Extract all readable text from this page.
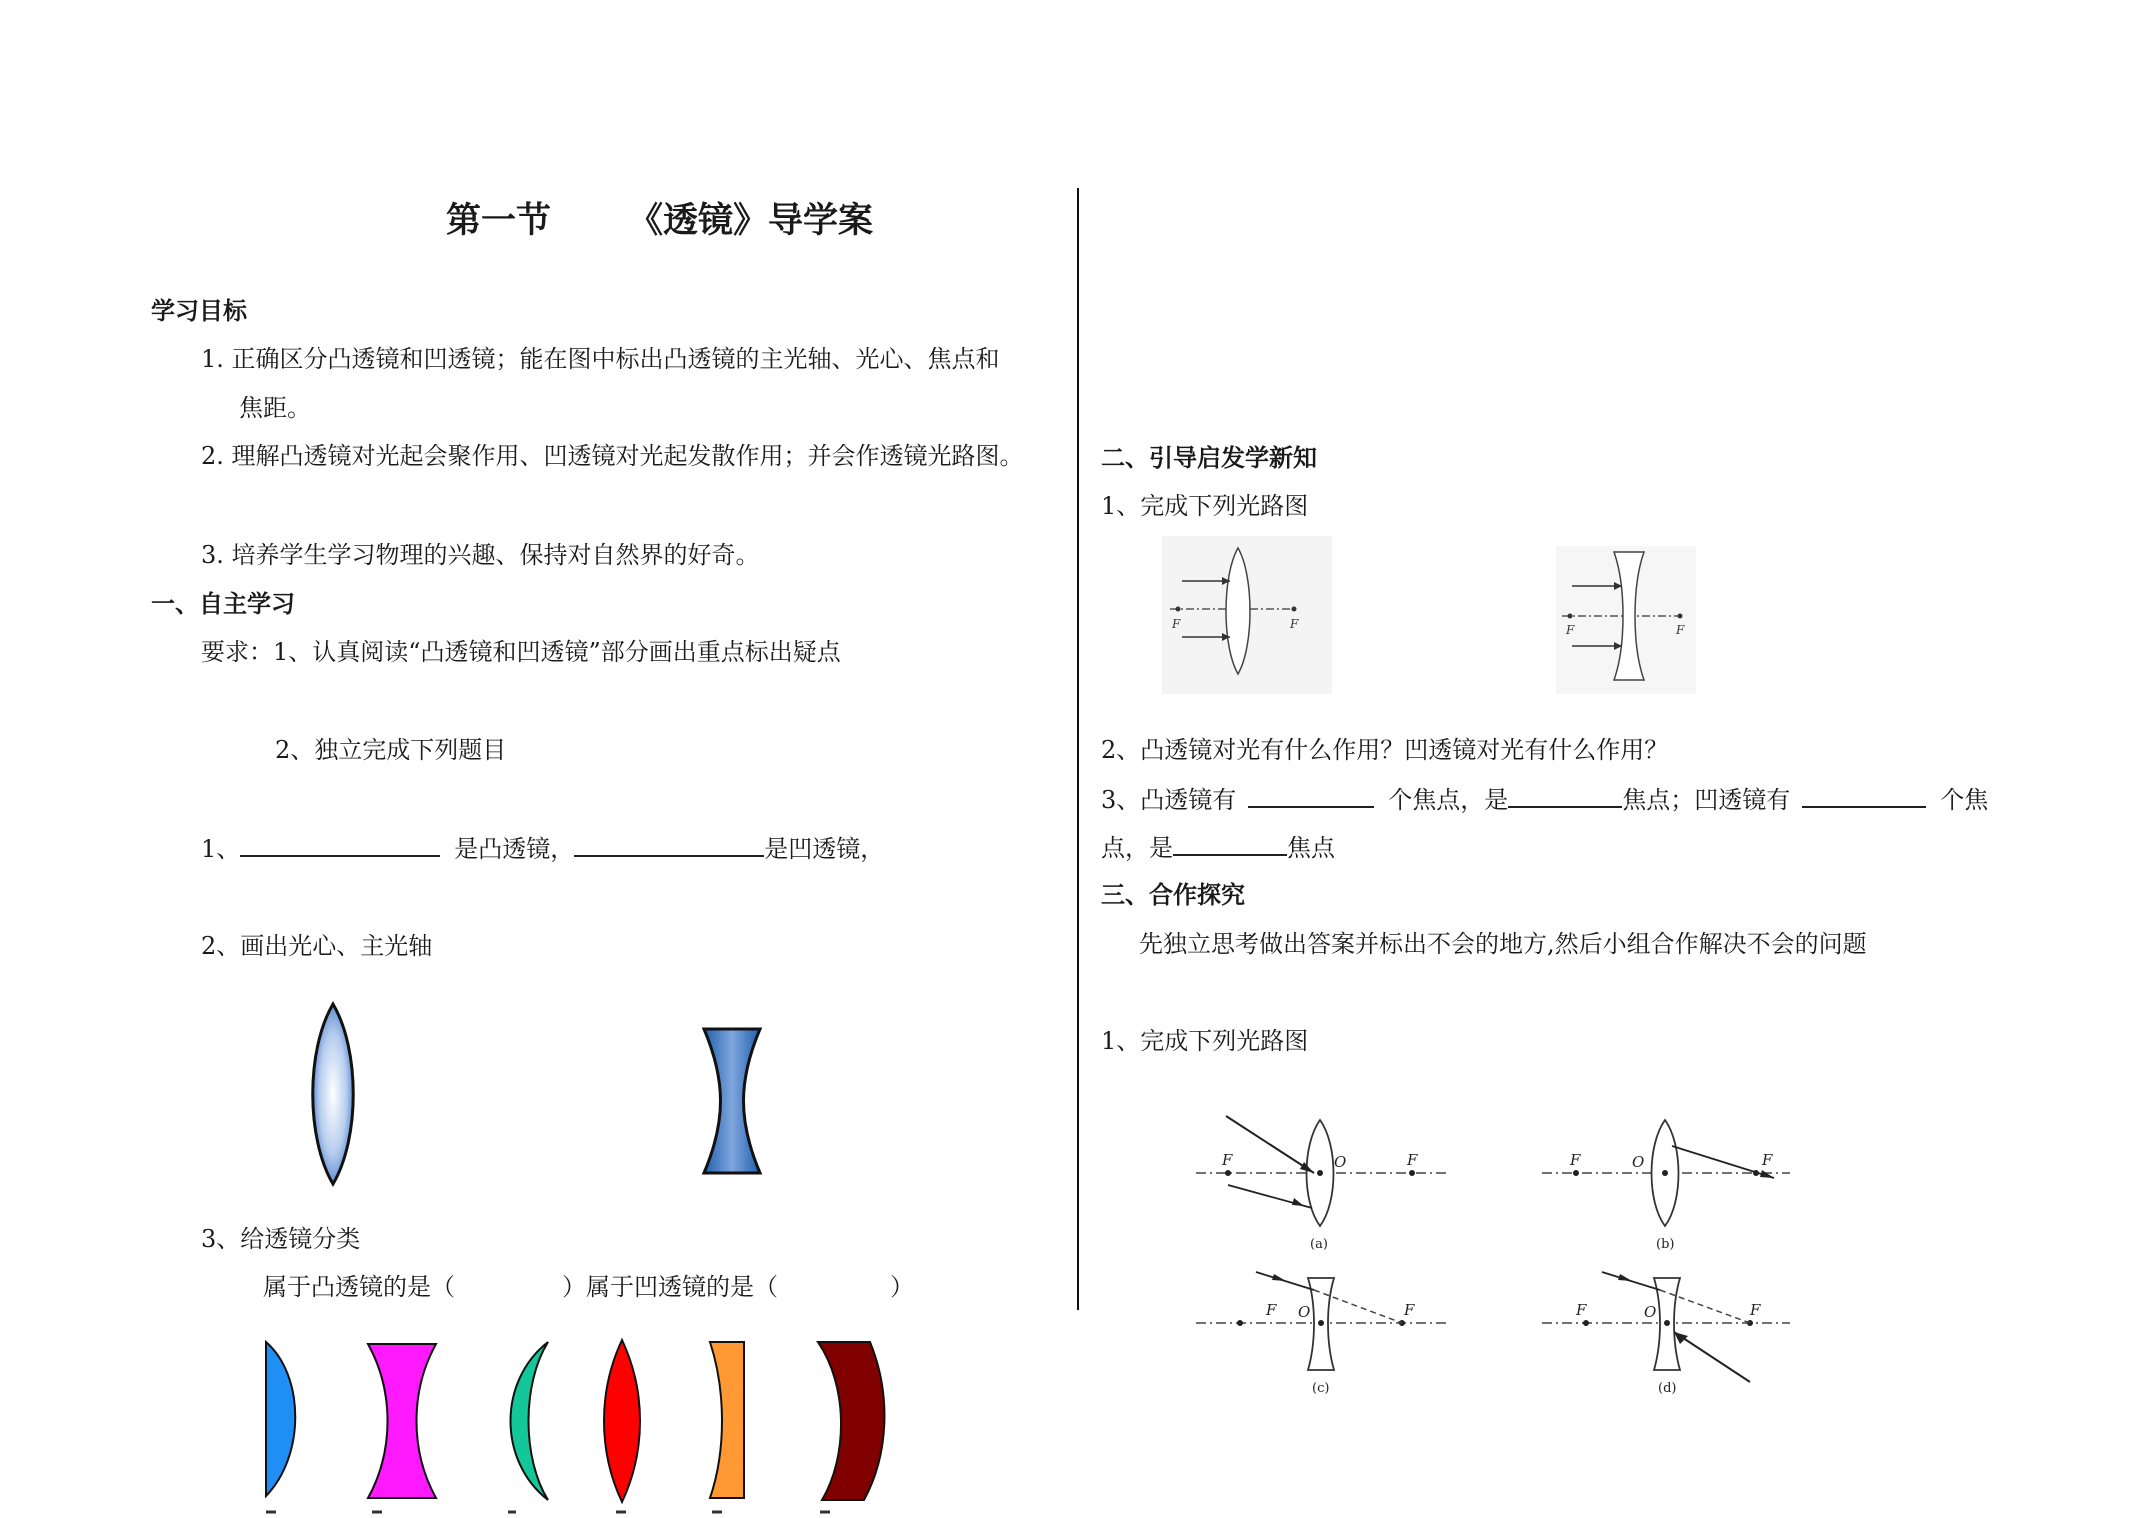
第一节 《透镜》导学案
学习目标
1. 正确区分凸透镜和凹透镜；能在图中标出凸透镜的主光轴、光心、焦点和
焦距。
2. 理解凸透镜对光起会聚作用、凹透镜对光起发散作用；并会作透镜光路图。
3. 培养学生学习物理的兴趣、保持对自然界的好奇。
一、自主学习
要求：1、认真阅读“凸透镜和凹透镜”部分画出重点标出疑点
2、独立完成下列题目
1、	是凸透镜，	是凹透镜，
2、画出光心、主光轴
3、给透镜分类
属于凸透镜的是（	）属于凹透镜的是（	）
二、引导启发学新知
1、完成下列光路图
F	F	F	F
2、凸透镜对光有什么作用？凹透镜对光有什么作用？
3、凸透镜有	个焦点，是	焦点；凹透镜有	个焦
点，是	焦点
三、合作探究
先独立思考做出答案并标出不会的地方,然后小组合作解决不会的问题
1、完成下列光路图
F	O	F
(a)
F	O	F
(b)
F O	F
(c)
F	O	F
(d)
